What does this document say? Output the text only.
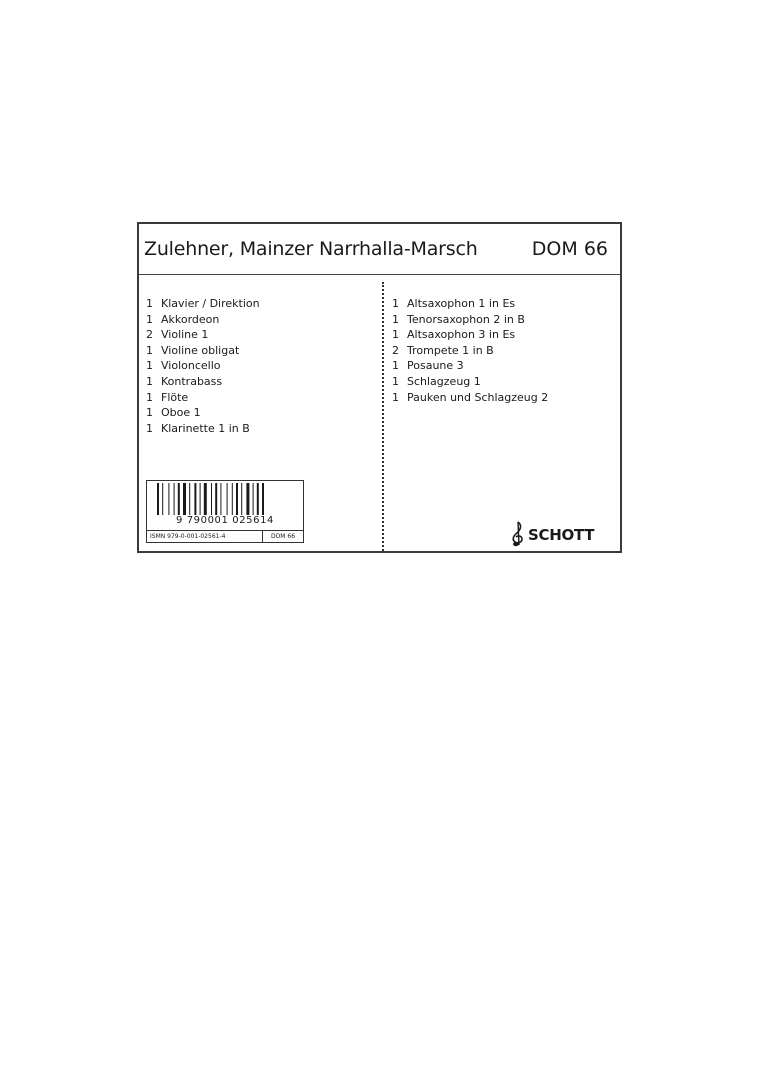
Zulehner, Mainzer Narrhalla-Marsch	DOM 66
1 Klavier / Direktion
1 Akkordeon
2 Violine 1
1 Violine obligat
1 Violoncello
1 Kontrabass
1 Flöte
1 Oboe 1
1 Klarinette 1 in B
1 Altsaxophon 1 in Es
1 Tenorsaxophon 2 in B
1 Altsaxophon 3 in Es
2 Trompete 1 in B
1 Posaune 3
1 Schlagzeug 1
1 Pauken und Schlagzeug 2
9 790001 025614
ISMN 979-0-001-02561-4	DOM 66	SCHOTT
